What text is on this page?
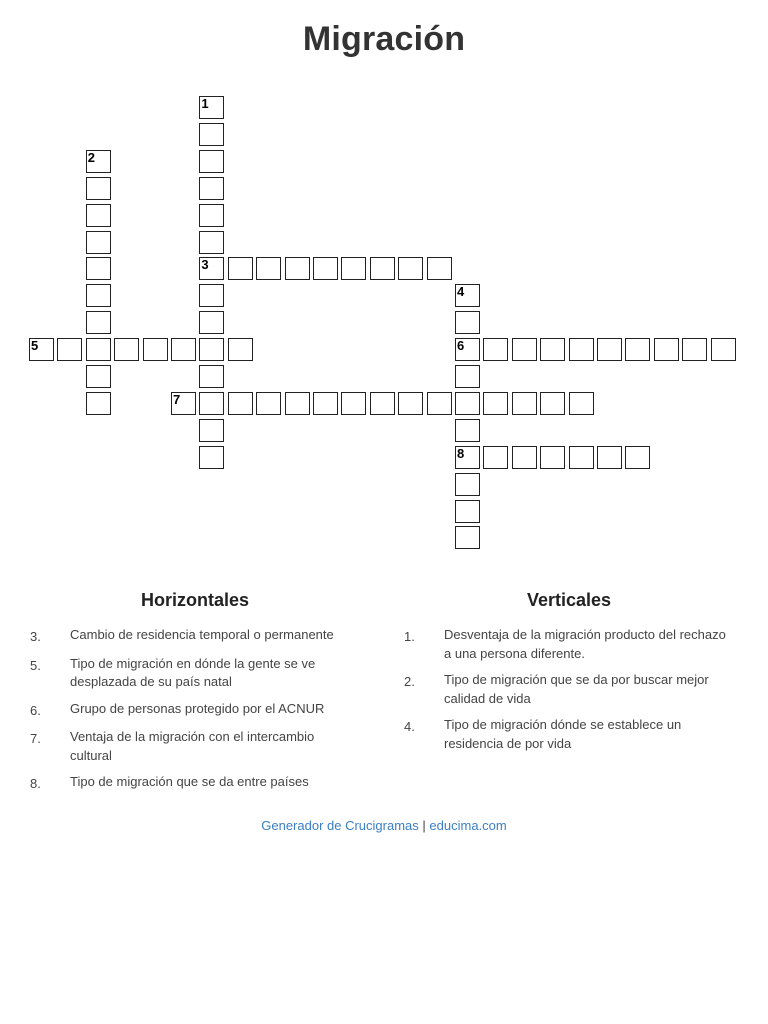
Migración
1
3
2
4
6
8
5
7
Horizontales
3.	Cambio de residencia temporal o permanente
5.	Tipo de migración en dónde la gente se ve desplazada de su país natal
6.	Grupo de personas protegido por el ACNUR
7.	Ventaja de la migración con el intercambio cultural
8.	Tipo de migración que se da entre países
Verticales
1.	Desventaja de la migración producto del rechazo a una persona diferente.
2.	Tipo de migración que se da por buscar mejor calidad de vida
4.	Tipo de migración dónde se establece un residencia de por vida
Generador de Crucigramas | educima.com
